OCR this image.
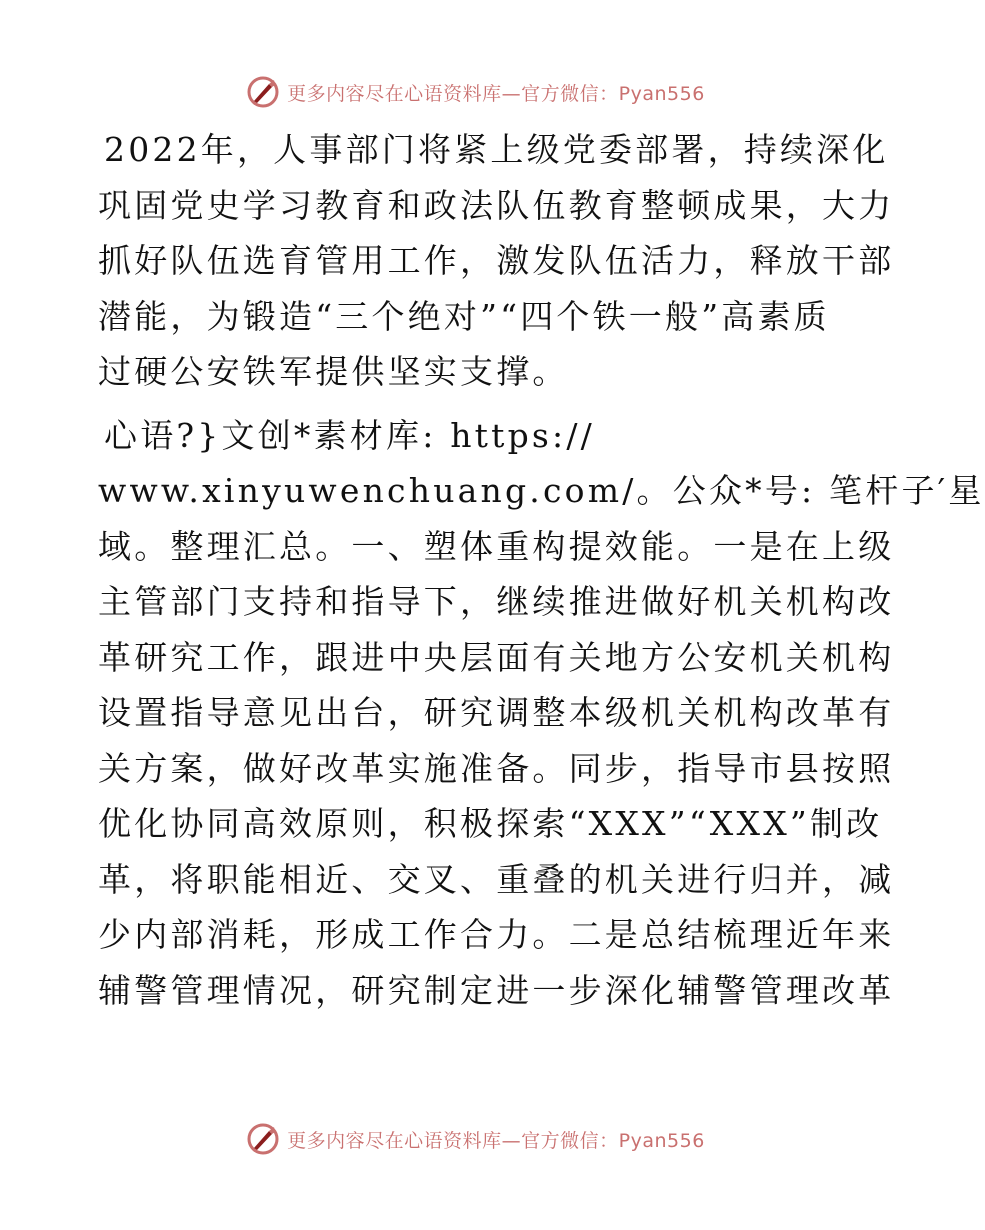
更多内容尽在心语资料库—官方微信：Pyan556
2022年，人事部门将紧上级党委部署，持续深化
巩固党史学习教育和政法队伍教育整顿成果，大力
抓好队伍选育管用工作，激发队伍活力，释放干部
潜能，为锻造“三个绝对”“四个铁一般”高素质
过硬公安铁军提供坚实支撑。
心语?}文创*素材库: https://
www.xinyuwenchuang.com/。公众*号: 笔杆子′星
域。整理汇总。一、塑体重构提效能。一是在上级
主管部门支持和指导下，继续推进做好机关机构改
革研究工作，跟进中央层面有关地方公安机关机构
设置指导意见出台，研究调整本级机关机构改革有
关方案，做好改革实施准备。同步，指导市县按照
优化协同高效原则，积极探索“XXX”“XXX”制改
革，将职能相近、交叉、重叠的机关进行归并，减
少内部消耗，形成工作合力。二是总结梳理近年来
辅警管理情况，研究制定进一步深化辅警管理改革
更多内容尽在心语资料库—官方微信：Pyan556
